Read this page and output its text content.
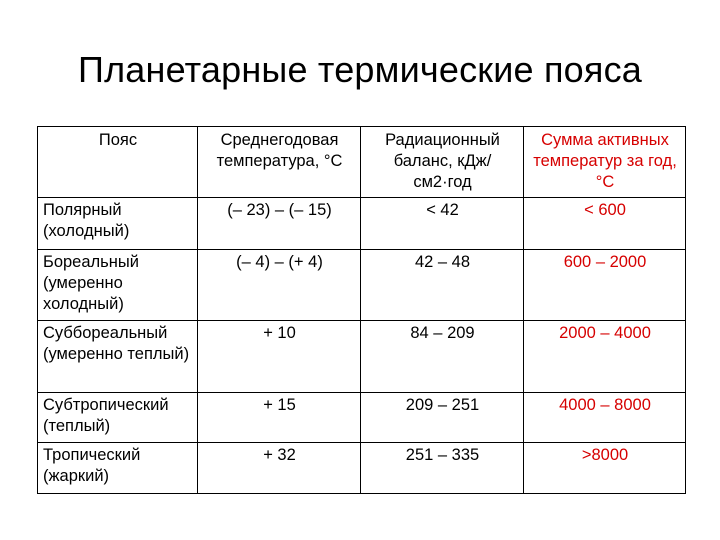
Планетарные термические пояса
Пояс	Среднегодовая температура, °С	Радиационный баланс, кДж/см2·год	Сумма активных температур за год, °С
Полярный (холодный)	(– 23) – (– 15)	< 42	< 600
Бореальный (умеренно холодный)	(– 4) – (+ 4)	42 – 48	600 – 2000
Суббореальный (умеренно теплый)	+ 10	84 – 209	2000 – 4000
Субтропический (теплый)	+ 15	209 – 251	4000 – 8000
Тропический (жаркий)	+ 32	251 – 335	>8000
